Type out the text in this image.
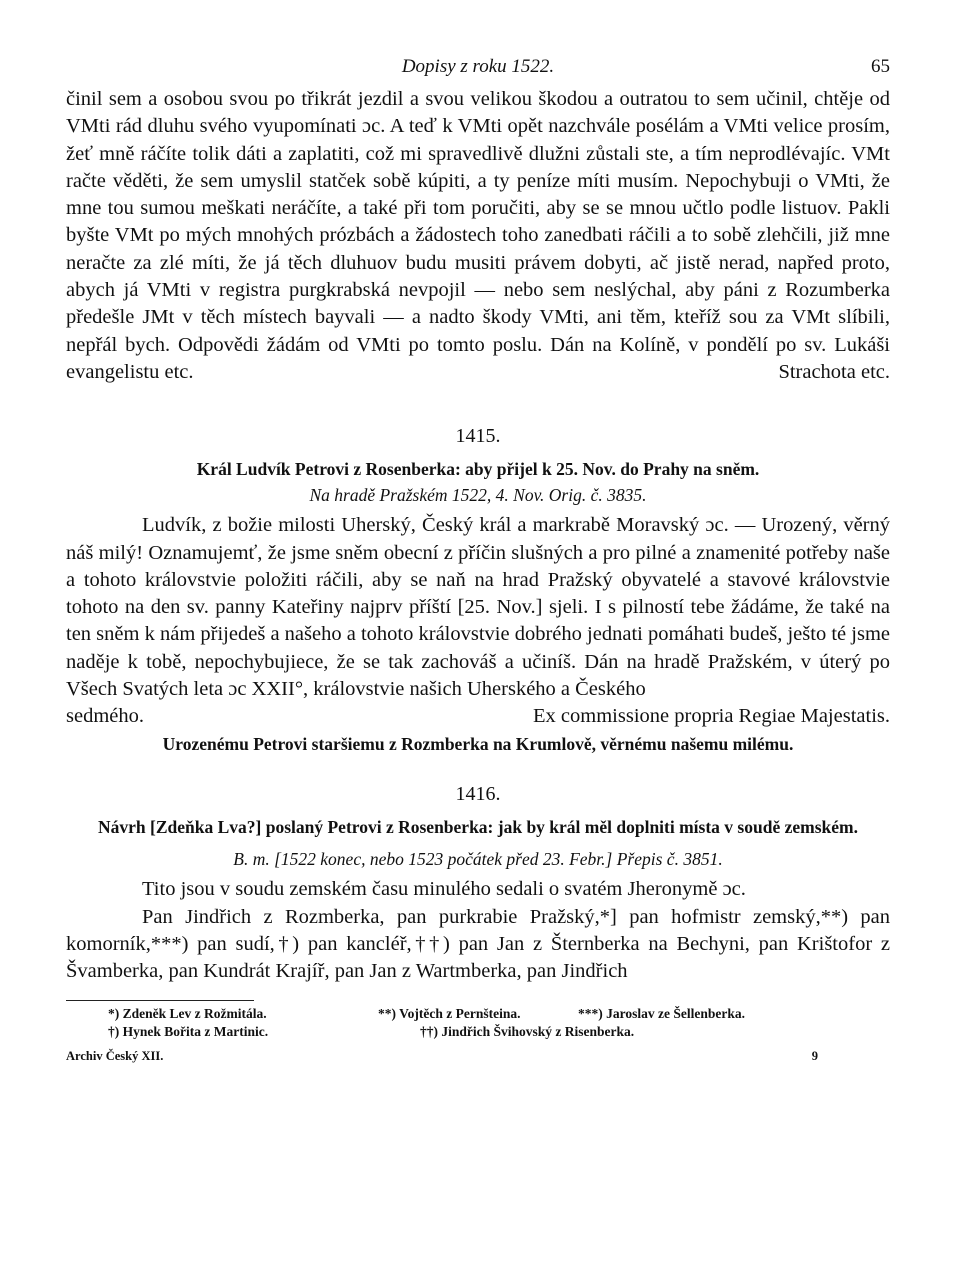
Dopisy z roku 1522.	65

činil sem a osobou svou po třikrát jezdil a svou velikou škodou a outratou to sem učinil, chtěje od VMti rád dluhu svého vyupomínati ɔc. A teď k VMti opět nazchvále posélám a VMti velice prosím, žeť mně ráčíte tolik dáti a zaplatiti, což mi spravedlivě dlužni zůstali ste, a tím neprodlévajíc. VMt račte věděti, že sem umyslil statček sobě kúpiti, a ty peníze míti musím. Nepochybuji o VMti, že mne tou sumou meškati neráčíte, a také při tom poručiti, aby se se mnou učtlo podle listuov. Pakli byšte VMt po mých mnohých prózbách a žádostech toho zanedbati ráčili a to sobě zlehčili, již mne neračte za zlé míti, že já těch dluhuov budu musiti právem dobyti, ač jistě nerad, napřed proto, abych já VMti v registra purgkrabská nevpojil — nebo sem neslýchal, aby páni z Rozumberka předešle JMt v těch místech bayvali — a nadto škody VMti, ani těm, kteříž sou za VMt slíbili, nepřál bych. Odpovědi žádám od VMti po tomto poslu. Dán na Kolíně, v pondělí po sv. Lukáši evangelistu etc.	Strachota etc.
1415.
Král Ludvík Petrovi z Rosenberka: aby přijel k 25. Nov. do Prahy na sněm.
Na hradě Pražském 1522, 4. Nov. Orig. č. 3835.

Ludvík, z božie milosti Uherský, Český král a markrabě Moravský ɔc. — Urozený, věrný náš milý! Oznamujemť, že jsme sněm obecní z příčin slušných a pro pilné a znamenité potřeby naše a tohoto královstvie položiti ráčili, aby se naň na hrad Pražský obyvatelé a stavové královstvie tohoto na den sv. panny Kateřiny najprv příští [25. Nov.] sjeli. I s pilností tebe žádáme, že také na ten sněm k nám přijedeš a našeho a tohoto královstvie dobrého jednati pomáhati budeš, ješto té jsme naděje k tobě, nepochybujiece, že se tak zachováš a učiníš. Dán na hradě Pražském, v úterý po Všech Svatých leta ɔc XXII°, královstvie našich Uherského a Českého

sedmého.	Ex commissione propria Regiae Majestatis.
Urozenému Petrovi staršiemu z Rozmberka na Krumlově, věrnému našemu milému.
1416.
Návrh [Zdeňka Lva?] poslaný Petrovi z Rosenberka: jak by král měl doplniti místa v soudě zemském.
B. m. [1522 konec, nebo 1523 počátek před 23. Febr.] Přepis č. 3851.

Tito jsou v soudu zemském času minulého sedali o svatém Jheronymě ɔc.

Pan Jindřich z Rozmberka, pan purkrabie Pražský,*] pan hofmistr zemský,**) pan komorník,***) pan sudí,†) pan kancléř,††) pan Jan z Šternberka na Bechyni, pan Krištofor z Švamberka, pan Kundrát Krajíř, pan Jan z Wartmberka, pan Jindřich

*) Zdeněk Lev z Rožmitála.	**) Vojtěch z Pernšteina.	***) Jaroslav ze Šellenberka.
†) Hynek Bořita z Martinic.	††) Jindřich Švihovský z Risenberka.
Archiv Český XII.	9
